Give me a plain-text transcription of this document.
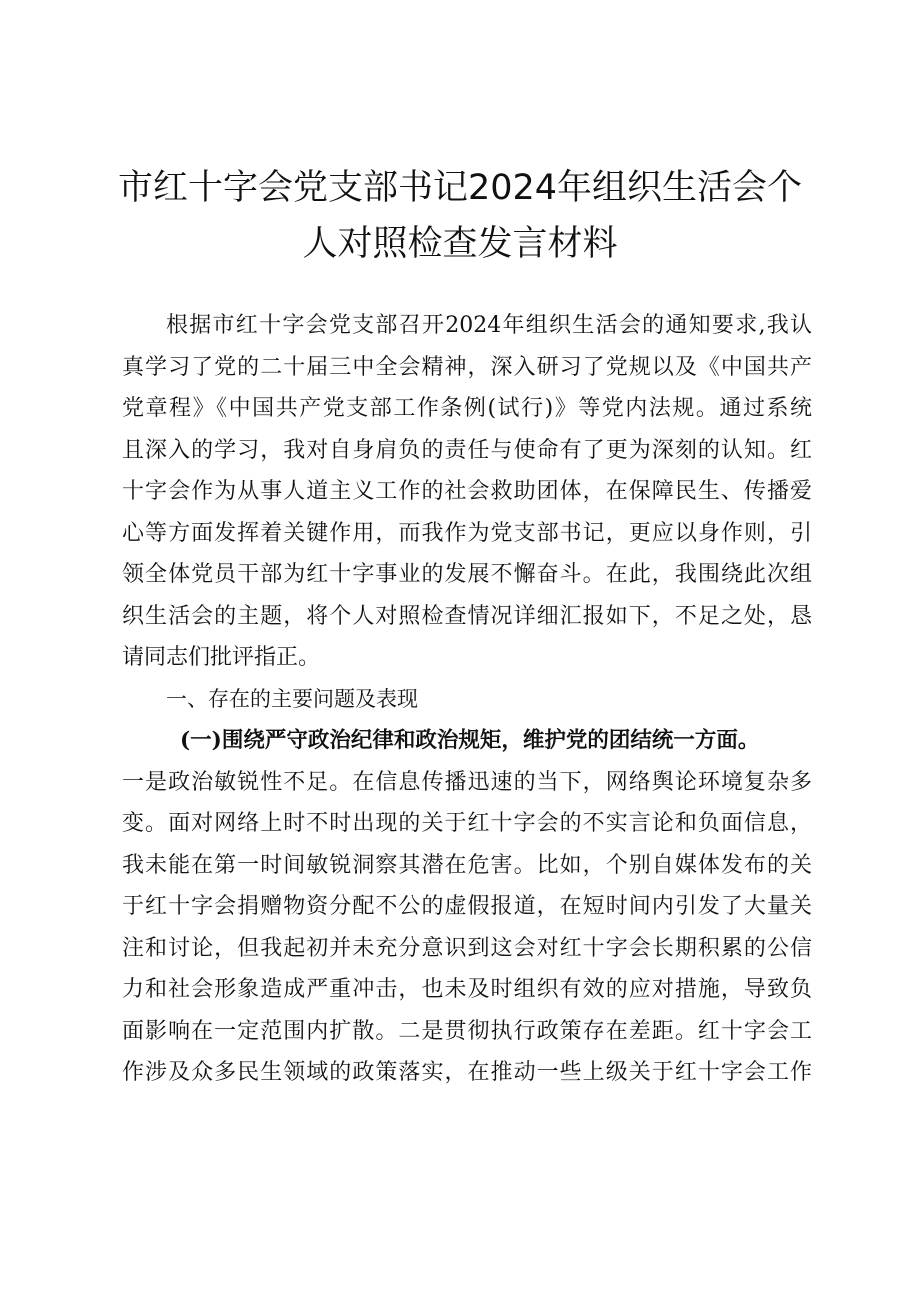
市红十字会党支部书记2024年组织生活会个
人对照检查发言材料
根据市红十字会党支部召开2024年组织生活会的通知要求,我认
真学习了党的二十届三中全会精神，深入研习了党规以及《中国共产
党章程》《中国共产党支部工作条例(试行)》等党内法规。通过系统
且深入的学习，我对自身肩负的责任与使命有了更为深刻的认知。红
十字会作为从事人道主义工作的社会救助团体，在保障民生、传播爱
心等方面发挥着关键作用，而我作为党支部书记，更应以身作则，引
领全体党员干部为红十字事业的发展不懈奋斗。在此，我围绕此次组
织生活会的主题，将个人对照检查情况详细汇报如下，不足之处，恳
请同志们批评指正。
一、存在的主要问题及表现
(一)围绕严守政治纪律和政治规矩，维护党的团结统一方面。
一是政治敏锐性不足。在信息传播迅速的当下，网络舆论环境复杂多
变。面对网络上时不时出现的关于红十字会的不实言论和负面信息，
我未能在第一时间敏锐洞察其潜在危害。比如，个别自媒体发布的关
于红十字会捐赠物资分配不公的虚假报道，在短时间内引发了大量关
注和讨论，但我起初并未充分意识到这会对红十字会长期积累的公信
力和社会形象造成严重冲击，也未及时组织有效的应对措施，导致负
面影响在一定范围内扩散。二是贯彻执行政策存在差距。红十字会工
作涉及众多民生领域的政策落实，在推动一些上级关于红十字会工作
